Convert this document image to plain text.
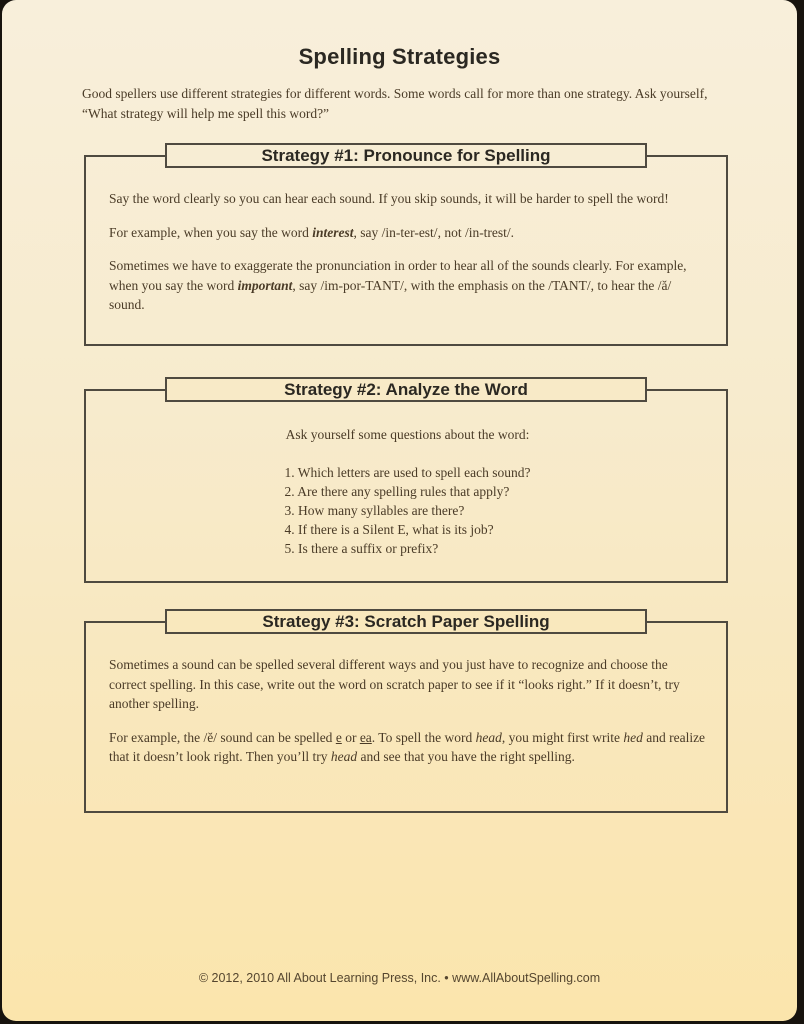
Spelling Strategies
Good spellers use different strategies for different words. Some words call for more than one strategy. Ask yourself, “What strategy will help me spell this word?”
Strategy #1: Pronounce for Spelling

Say the word clearly so you can hear each sound. If you skip sounds, it will be harder to spell the word!

For example, when you say the word interest, say /in-ter-est/, not /in-trest/.

Sometimes we have to exaggerate the pronunciation in order to hear all of the sounds clearly. For example, when you say the word important, say /im-por-TANT/, with the emphasis on the /TANT/, to hear the /ă/ sound.

Strategy #2: Analyze the Word
Ask yourself some questions about the word:
1. Which letters are used to spell each sound?
2. Are there any spelling rules that apply?
3. How many syllables are there?
4. If there is a Silent E, what is its job?
5. Is there a suffix or prefix?
Strategy #3: Scratch Paper Spelling

Sometimes a sound can be spelled several different ways and you just have to recognize and choose the correct spelling. In this case, write out the word on scratch paper to see if it “looks right.” If it doesn’t, try another spelling.

For example, the /ĕ/ sound can be spelled e or ea. To spell the word head, you might first write hed and realize that it doesn’t look right. Then you’ll try head and see that you have the right spelling.

© 2012, 2010 All About Learning Press, Inc. • www.AllAboutSpelling.com
